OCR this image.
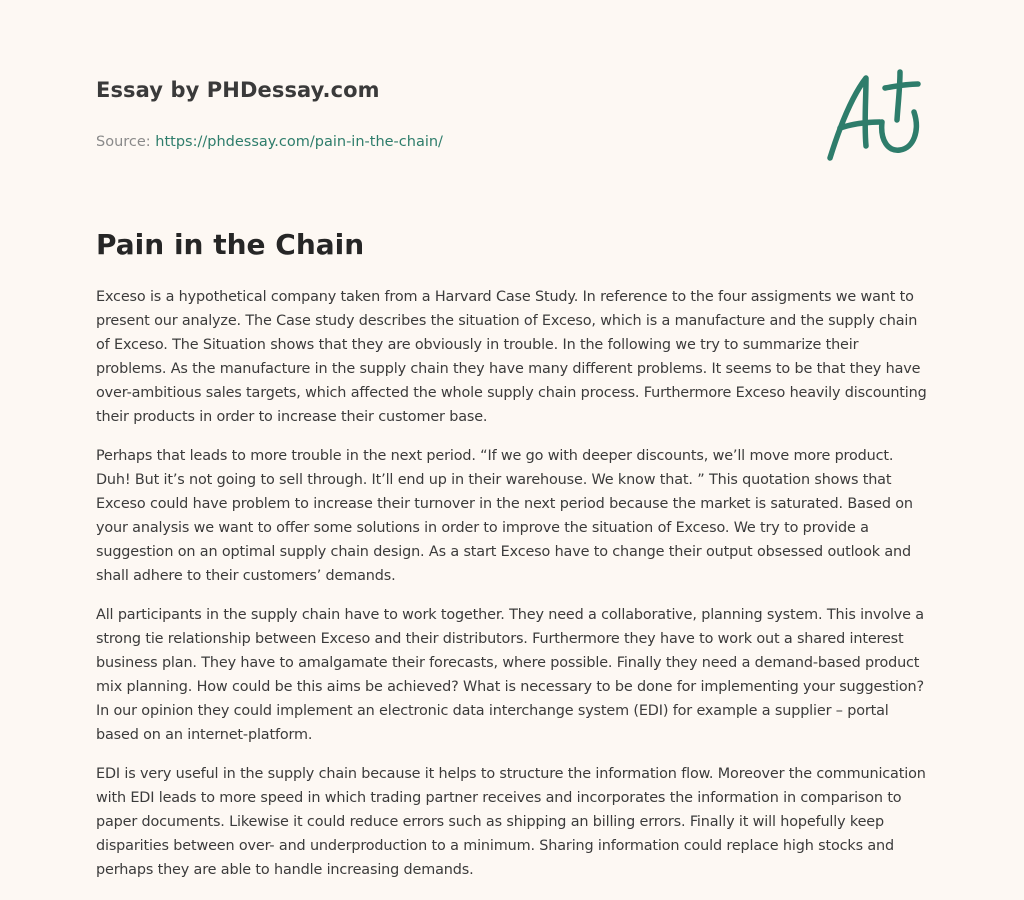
Essay by PHDessay.com
Source: https://phdessay.com/pain-in-the-chain/
Pain in the Chain

Exceso is a hypothetical company taken from a Harvard Case Study. In reference to the four assigments we want to present our analyze. The Case study describes the situation of Exceso, which is a manufacture and the supply chain of Exceso. The Situation shows that they are obviously in trouble. In the following we try to summarize their problems. As the manufacture in the supply chain they have many different problems. It seems to be that they have over-ambitious sales targets, which affected the whole supply chain process. Furthermore Exceso heavily discounting their products in order to increase their customer base.

Perhaps that leads to more trouble in the next period. “If we go with deeper discounts, we’ll move more product. Duh! But it’s not going to sell through. It’ll end up in their warehouse. We know that. ” This quotation shows that Exceso could have problem to increase their turnover in the next period because the market is saturated. Based on your analysis we want to offer some solutions in order to improve the situation of Exceso. We try to provide a suggestion on an optimal supply chain design. As a start Exceso have to change their output obsessed outlook and shall adhere to their customers’ demands.

All participants in the supply chain have to work together. They need a collaborative, planning system. This involve a strong tie relationship between Exceso and their distributors. Furthermore they have to work out a shared interest business plan. They have to amalgamate their forecasts, where possible. Finally they need a demand-based product mix planning. How could be this aims be achieved? What is necessary to be done for implementing your suggestion? In our opinion they could implement an electronic data interchange system (EDI) for example a supplier – portal based on an internet-platform.

EDI is very useful in the supply chain because it helps to structure the information flow. Moreover the communication with EDI leads to more speed in which trading partner receives and incorporates the information in comparison to paper documents. Likewise it could reduce errors such as shipping an billing errors. Finally it will hopefully keep disparities between over- and underproduction to a minimum. Sharing information could replace high stocks and perhaps they are able to handle increasing demands.
